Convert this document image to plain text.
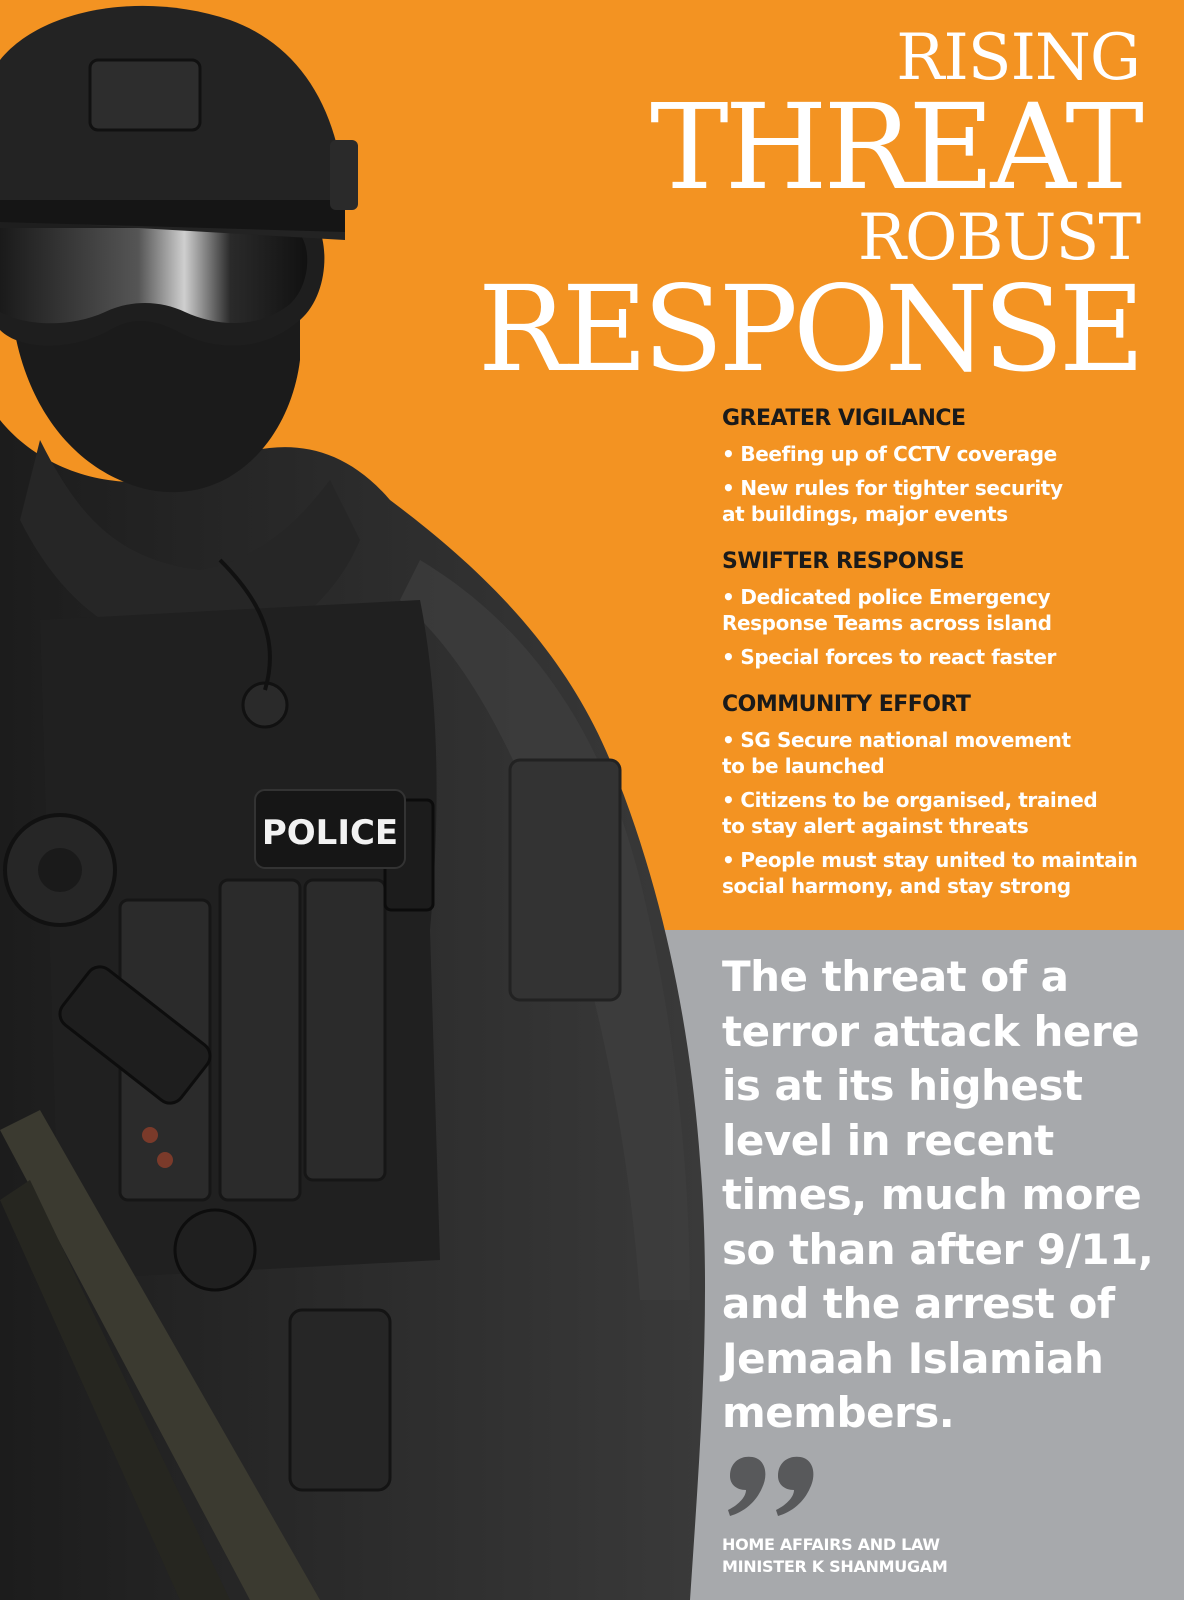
POLICE
RISING
THREAT
ROBUST
RESPONSE
GREATER VIGILANCE
• Beefing up of CCTV coverage
• New rules for tighter security
at buildings, major events
SWIFTER RESPONSE
• Dedicated police Emergency
Response Teams across island
• Special forces to react faster
COMMUNITY EFFORT
• SG Secure national movement
to be launched
• Citizens to be organised, trained
to stay alert against threats
• People must stay united to maintain
social harmony, and stay strong

The threat of a
terror attack here
is at its highest
level in recent
times, much more
so than after 9/11,
and the arrest of
Jemaah Islamiah
members.

HOME AFFAIRS AND LAW
MINISTER K SHANMUGAM
